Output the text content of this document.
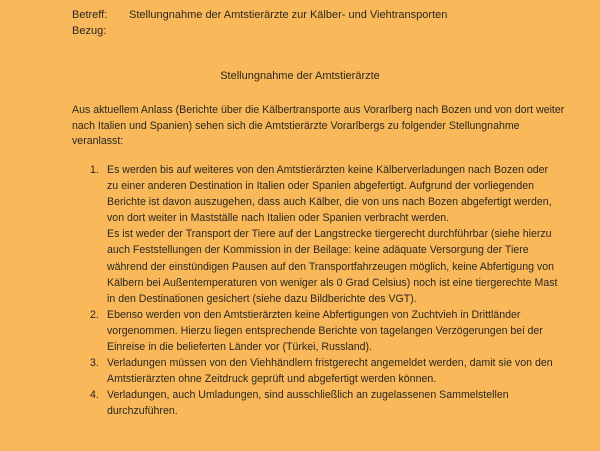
Betreff: Stellungnahme der Amtstierärzte zur Kälber- und Viehtransporten
Bezug:
Stellungnahme der Amtstierärzte
Aus aktuellem Anlass (Berichte über die Kälbertransporte aus Vorarlberg nach Bozen und von dort weiter nach Italien und Spanien) sehen sich die Amtstierärzte Vorarlbergs zu folgender Stellungnahme veranlasst:
1. Es werden bis auf weiteres von den Amtstierärzten keine Kälberverladungen nach Bozen oder zu einer anderen Destination in Italien oder Spanien abgefertigt. Aufgrund der vorliegenden Berichte ist davon auszugehen, dass auch Kälber, die von uns nach Bozen abgefertigt werden, von dort weiter in Mastställe nach Italien oder Spanien verbracht werden.

Es ist weder der Transport der Tiere auf der Langstrecke tiergerecht durchführbar (siehe hierzu auch Feststellungen der Kommission in der Beilage: keine adäquate Versorgung der Tiere während der einstündigen Pausen auf den Transportfahrzeugen möglich, keine Abfertigung von Kälbern bei Außentemperaturen von weniger als 0 Grad Celsius) noch ist eine tiergerechte Mast in den Destinationen gesichert (siehe dazu Bildberichte des VGT).

2. Ebenso werden von den Amtstierärzten keine Abfertigungen von Zuchtvieh in Drittländer vorgenommen. Hierzu liegen entsprechende Berichte von tagelangen Verzögerungen bei der Einreise in die belieferten Länder vor (Türkei, Russland).

3. Verladungen müssen von den Viehhändlern fristgerecht angemeldet werden, damit sie von den Amtstierärzten ohne Zeitdruck geprüft und abgefertigt werden können.

4. Verladungen, auch Umladungen, sind ausschließlich an zugelassenen Sammelstellen durchzuführen.
